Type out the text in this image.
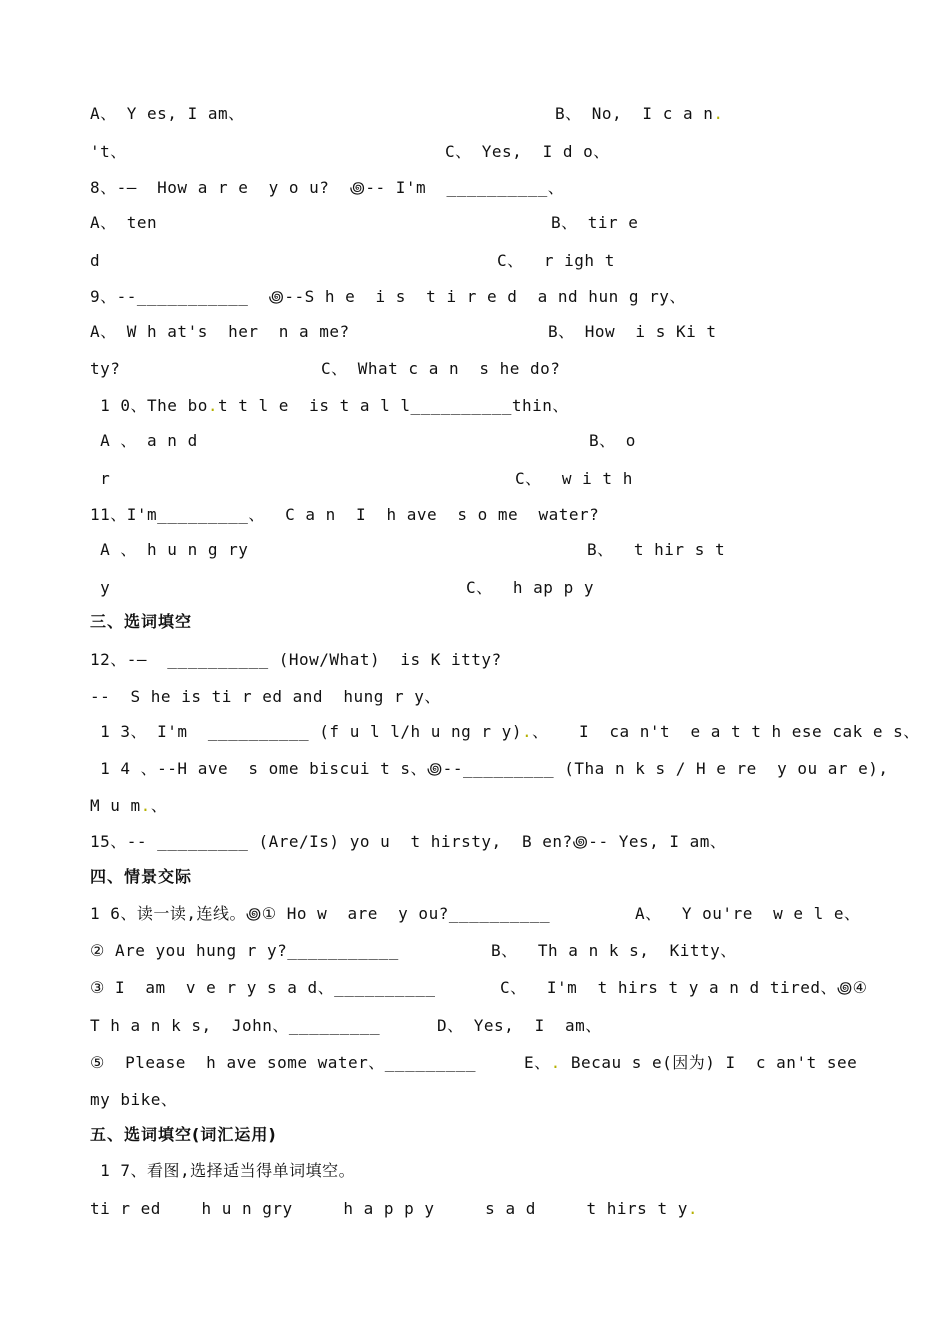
A、 Y es, I am、	B、 No,  I c a n.
't、	C、 Yes,  I d o、
8、-—  How a r e  y o u?  ꩜-- I'm  __________、
A、 ten	B、 tir e
d	C、  r igh t
9、--___________  ꩜--S h e  i s  t i r e d  a nd hun g ry、
A、 W h at's  her  n a me?	B、 How  i s Ki t
ty?	C、 What c a n  s he do?
1 0、The bo.t t l e  is t a l l__________thin、
A 、 a n d	B、 o
r	C、  w i t h
11、I'm_________、  C a n  I  h ave  s o me  water?
A 、 h u n g ry	B、  t hir s t
y	C、  h ap p y
三、选词填空
12、-—  __________ (How/What)  is K itty?
--  S he is ti r ed and  hung r y、
1 3、 I'm  __________ (f u l l/h u ng r y).、   I  ca n't  e a t t h ese cak e s、
1 4 、--H ave  s ome biscui t s、꩜--_________ (Tha n k s / H e re  y ou ar e),
M u m.、
15、-- _________ (Are/Is) yo u  t hirsty,  B en?꩜-- Yes, I am、
四、情景交际
1 6、读一读,连线。꩜① Ho w  are  y ou?__________	A、  Y ou're  w e l e、
② Are you hung r y?___________	B、  Th a n k s,  Kitty、
③ I  am  v e r y s a d、__________	C、  I'm  t hirs t y a n d tired、꩜④
T h a n k s,  John、_________	D、 Yes,  I  am、
⑤  Please  h ave some water、_________	E、. Becau s e(因为) I  c an't see
my bike、
五、选词填空(词汇运用)
1 7、看图,选择适当得单词填空。
ti r ed    h u n gry     h a p p y     s a d     t hirs t y.
